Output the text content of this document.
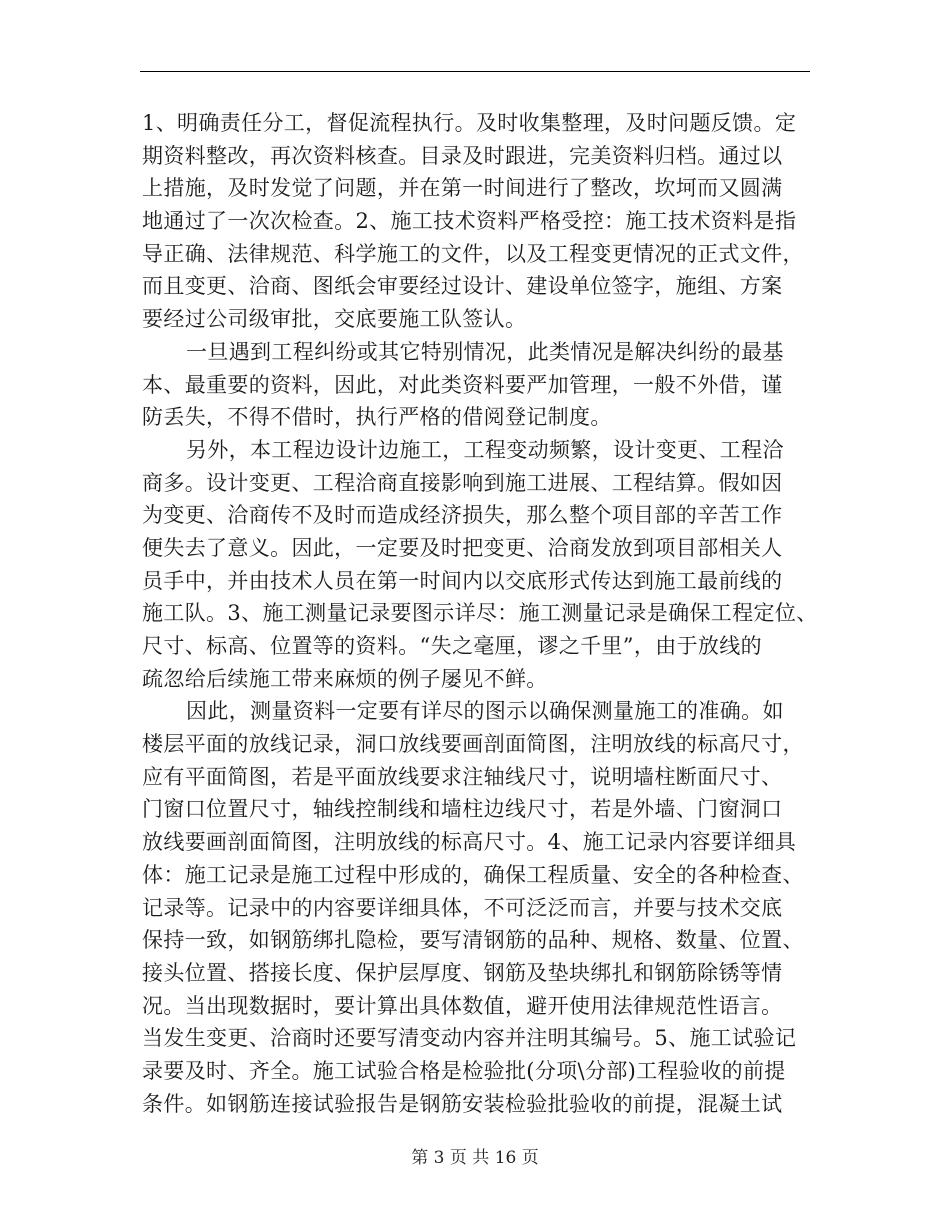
1、明确责任分工，督促流程执行。及时收集整理，及时问题反馈。定
期资料整改，再次资料核查。目录及时跟进，完美资料归档。通过以
上措施，及时发觉了问题，并在第一时间进行了整改，坎坷而又圆满
地通过了一次次检查。2、施工技术资料严格受控：施工技术资料是指
导正确、法律规范、科学施工的文件，以及工程变更情况的正式文件，
而且变更、洽商、图纸会审要经过设计、建设单位签字，施组、方案
要经过公司级审批，交底要施工队签认。
一旦遇到工程纠纷或其它特别情况，此类情况是解决纠纷的最基
本、最重要的资料，因此，对此类资料要严加管理，一般不外借，谨
防丢失，不得不借时，执行严格的借阅登记制度。
另外，本工程边设计边施工，工程变动频繁，设计变更、工程洽
商多。设计变更、工程洽商直接影响到施工进展、工程结算。假如因
为变更、洽商传不及时而造成经济损失，那么整个项目部的辛苦工作
便失去了意义。因此，一定要及时把变更、洽商发放到项目部相关人
员手中，并由技术人员在第一时间内以交底形式传达到施工最前线的
施工队。3、施工测量记录要图示详尽：施工测量记录是确保工程定位、
尺寸、标高、位置等的资料。“失之毫厘，谬之千里”，由于放线的
疏忽给后续施工带来麻烦的例子屡见不鲜。
因此，测量资料一定要有详尽的图示以确保测量施工的准确。如
楼层平面的放线记录，洞口放线要画剖面简图，注明放线的标高尺寸，
应有平面简图，若是平面放线要求注轴线尺寸，说明墙柱断面尺寸、
门窗口位置尺寸，轴线控制线和墙柱边线尺寸，若是外墙、门窗洞口
放线要画剖面简图，注明放线的标高尺寸。4、施工记录内容要详细具
体：施工记录是施工过程中形成的，确保工程质量、安全的各种检查、
记录等。记录中的内容要详细具体，不可泛泛而言，并要与技术交底
保持一致，如钢筋绑扎隐检，要写清钢筋的品种、规格、数量、位置、
接头位置、搭接长度、保护层厚度、钢筋及垫块绑扎和钢筋除锈等情
况。当出现数据时，要计算出具体数值，避开使用法律规范性语言。
当发生变更、洽商时还要写清变动内容并注明其编号。5、施工试验记
录要及时、齐全。施工试验合格是检验批(分项\分部)工程验收的前提
条件。如钢筋连接试验报告是钢筋安装检验批验收的前提，混凝土试
第 3 页 共 16 页
